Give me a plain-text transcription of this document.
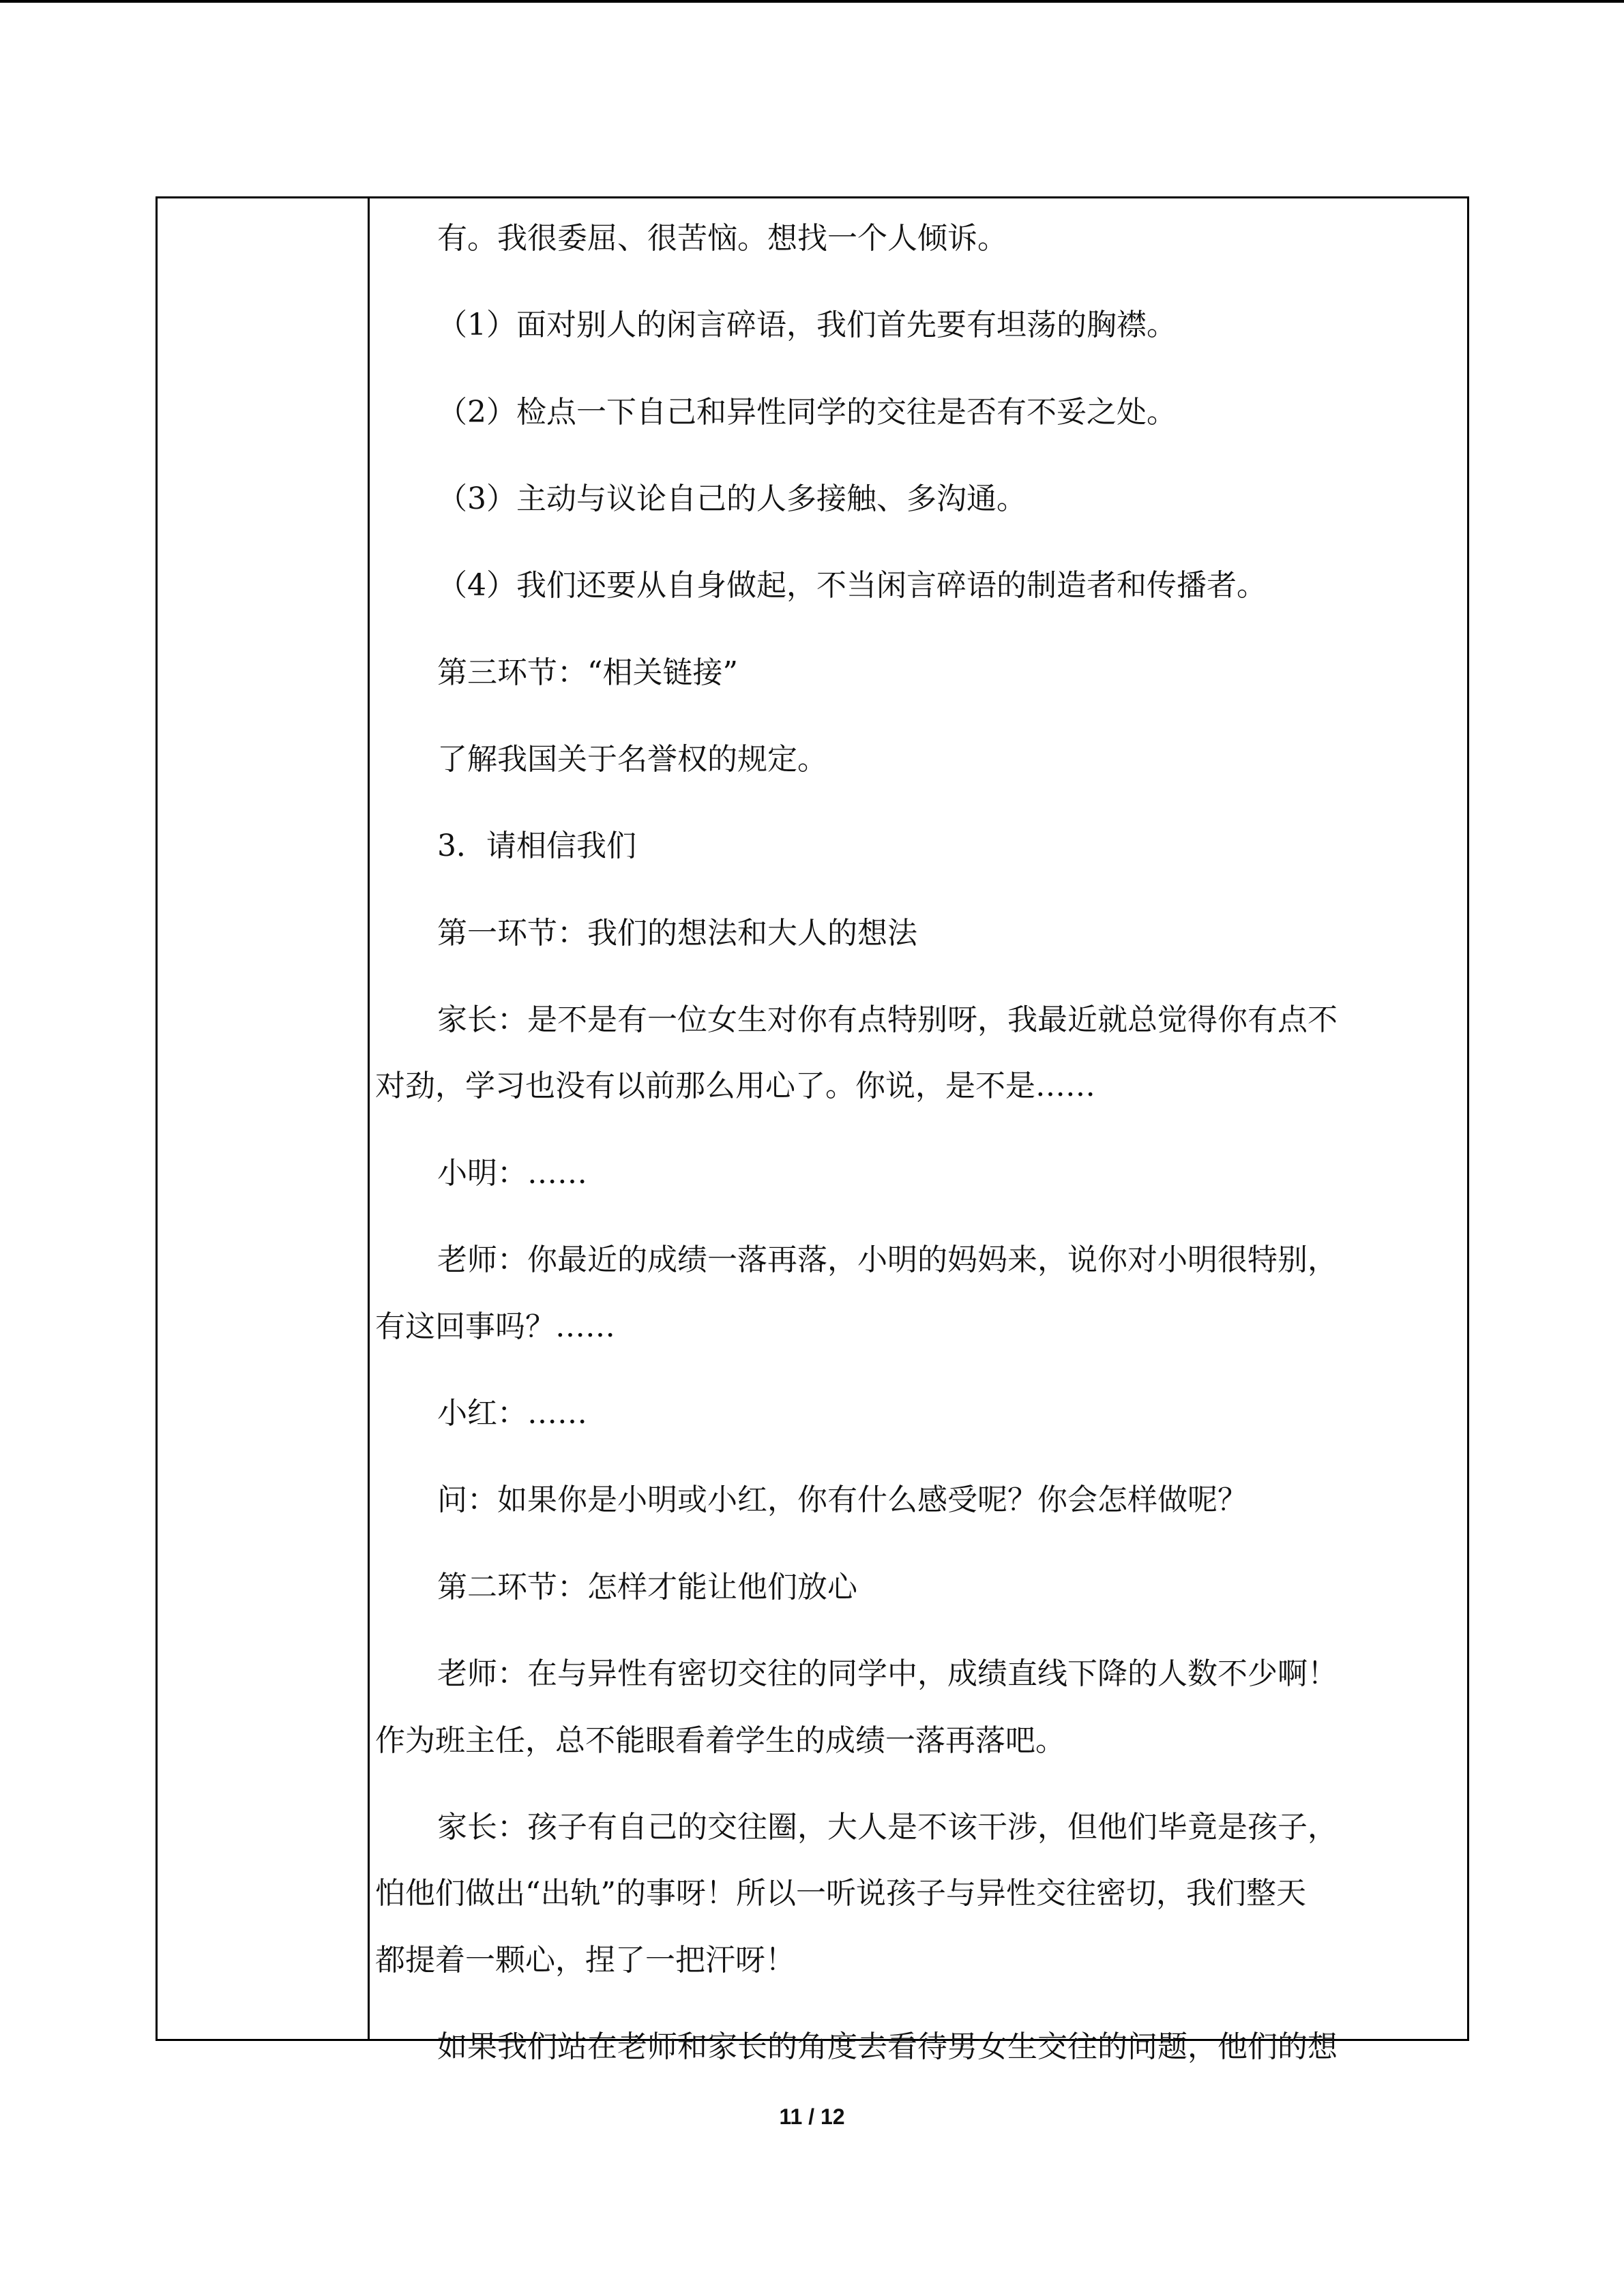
有。我很委屈、很苦恼。想找一个人倾诉。
（1）面对别人的闲言碎语，我们首先要有坦荡的胸襟。
（2）检点一下自己和异性同学的交往是否有不妥之处。
（3）主动与议论自己的人多接触、多沟通。
（4）我们还要从自身做起，不当闲言碎语的制造者和传播者。
第三环节：“相关链接”
了解我国关于名誉权的规定。
3．请相信我们
第一环节：我们的想法和大人的想法
家长：是不是有一位女生对你有点特别呀，我最近就总觉得你有点不
对劲，学习也没有以前那么用心了。你说，是不是……
小明：……
老师：你最近的成绩一落再落，小明的妈妈来，说你对小明很特别，
有这回事吗？……
小红：……
问：如果你是小明或小红，你有什么感受呢？你会怎样做呢？
第二环节：怎样才能让他们放心
老师：在与异性有密切交往的同学中，成绩直线下降的人数不少啊！
作为班主任，总不能眼看着学生的成绩一落再落吧。
家长：孩子有自己的交往圈，大人是不该干涉，但他们毕竟是孩子，
怕他们做出“出轨”的事呀！所以一听说孩子与异性交往密切，我们整天
都提着一颗心，捏了一把汗呀！
如果我们站在老师和家长的角度去看待男女生交往的问题，他们的想
11 / 12
